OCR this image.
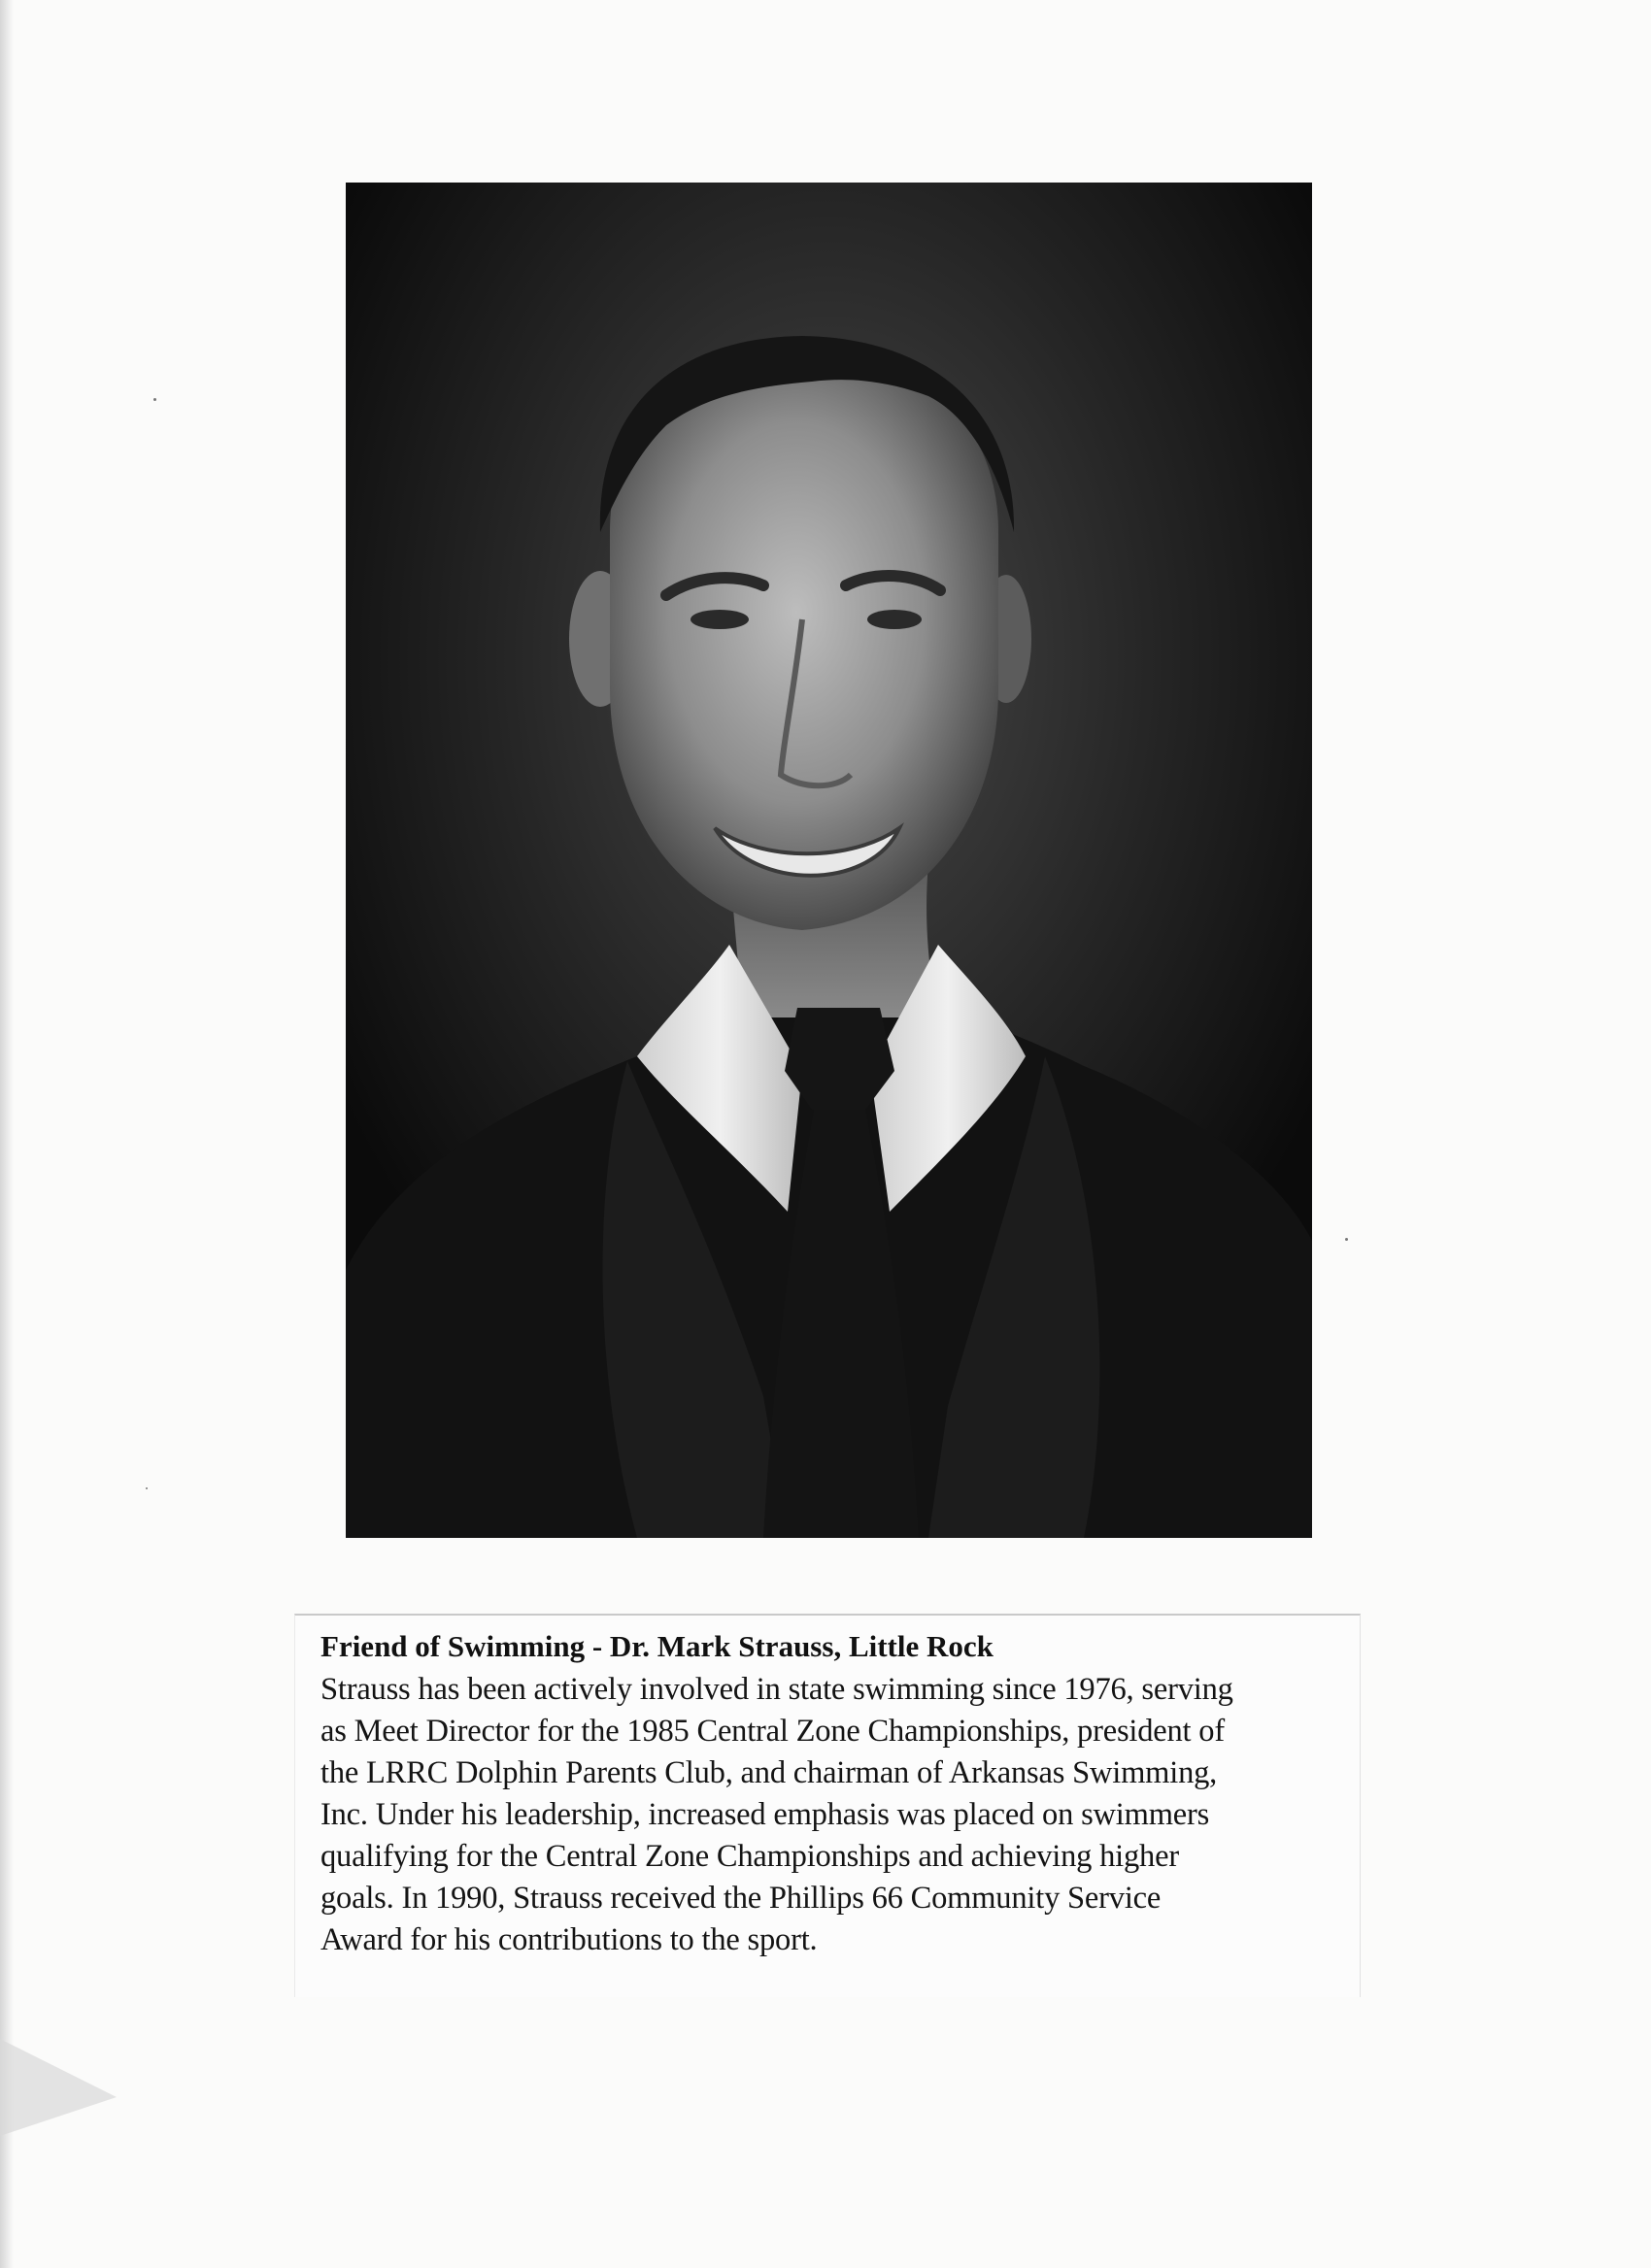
Friend of Swimming - Dr. Mark Strauss, Little Rock
Strauss has been actively involved in state swimming since 1976, serving
as Meet Director for the 1985 Central Zone Championships, president of
the LRRC Dolphin Parents Club, and chairman of Arkansas Swimming,
Inc. Under his leadership, increased emphasis was placed on swimmers
qualifying for the Central Zone Championships and achieving higher
goals. In 1990, Strauss received the Phillips 66 Community Service
Award for his contributions to the sport.
